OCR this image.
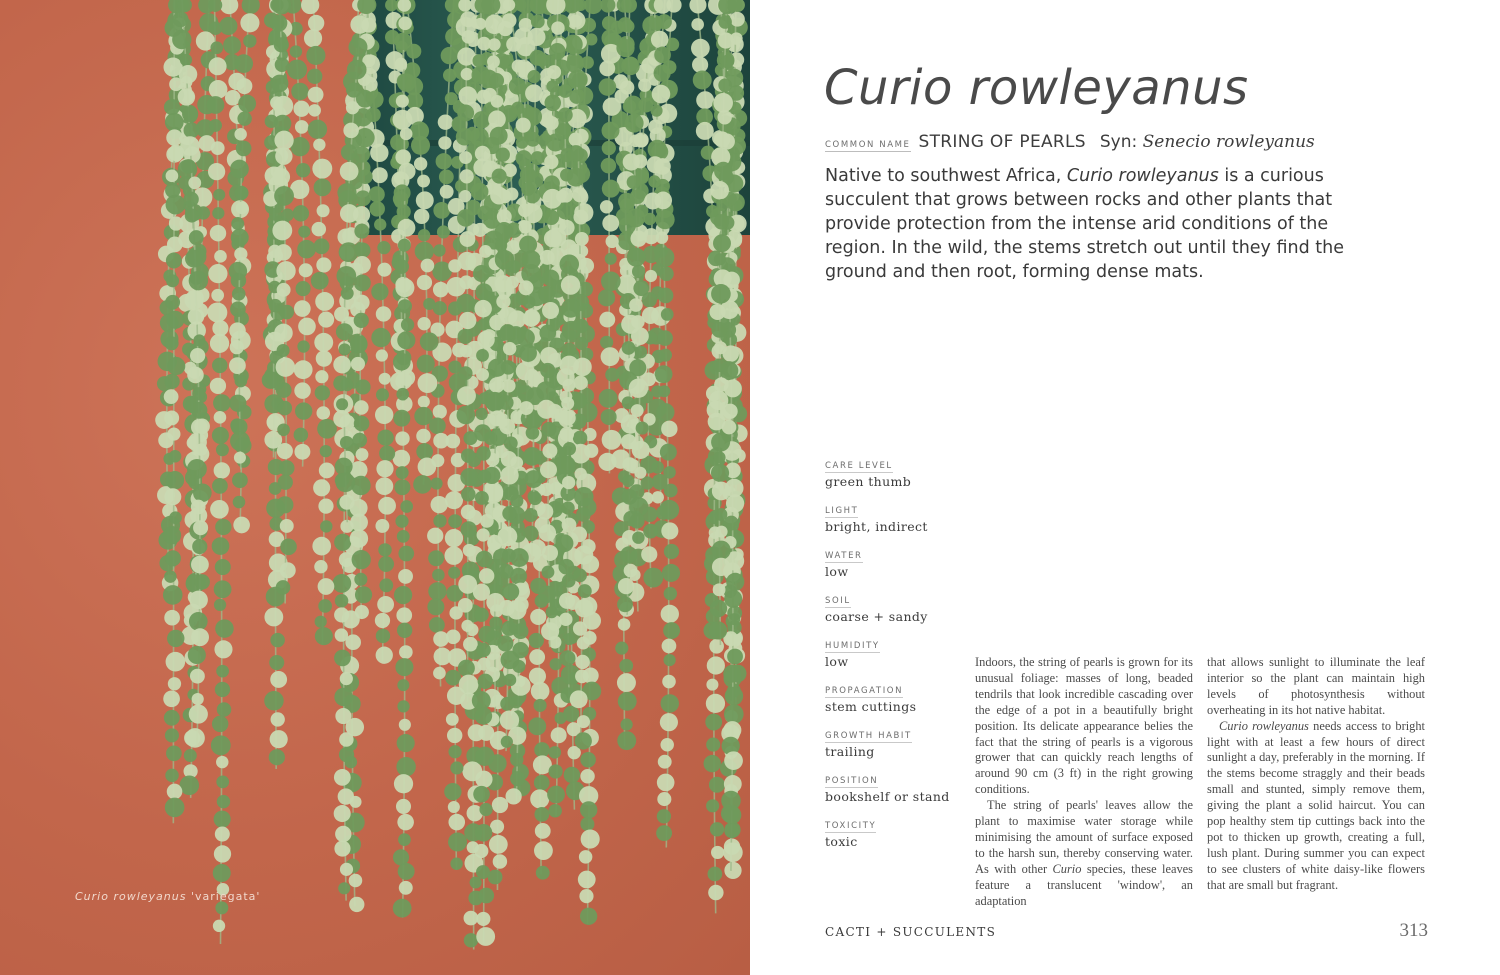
Curio rowleyanus 'variegata'
Curio rowleyanus
COMMON NAME STRING OF PEARLS Syn: Senecio rowleyanus

Native to southwest Africa, Curio rowleyanus is a curious succulent that grows between rocks and other plants that provide protection from the intense arid conditions of the region. In the wild, the stems stretch out until they find the ground and then root, forming dense mats.

CARE LEVEL
green thumb
LIGHT
bright, indirect
WATER
low
SOIL
coarse + sandy
HUMIDITY
low
PROPAGATION
stem cuttings
GROWTH HABIT
trailing
POSITION
bookshelf or stand
TOXICITY
toxic

Indoors, the string of pearls is grown for its unusual foliage: masses of long, beaded tendrils that look incredible cascading over the edge of a pot in a beautifully bright position. Its delicate appearance belies the fact that the string of pearls is a vigorous grower that can quickly reach lengths of around 90 cm (3 ft) in the right growing conditions.

The string of pearls' leaves allow the plant to maximise water storage while minimising the amount of surface exposed to the harsh sun, thereby conserving water. As with other Curio species, these leaves feature a translucent 'window', an adaptation

that allows sunlight to illuminate the leaf interior so the plant can maintain high levels of photosynthesis without overheating in its hot native habitat.

Curio rowleyanus needs access to bright light with at least a few hours of direct sunlight a day, preferably in the morning. If the stems become straggly and their beads small and stunted, simply remove them, giving the plant a solid haircut. You can pop healthy stem tip cuttings back into the pot to thicken up growth, creating a full, lush plant. During summer you can expect to see clusters of white daisy-like flowers that are small but fragrant.

CACTI + SUCCULENTS	313
